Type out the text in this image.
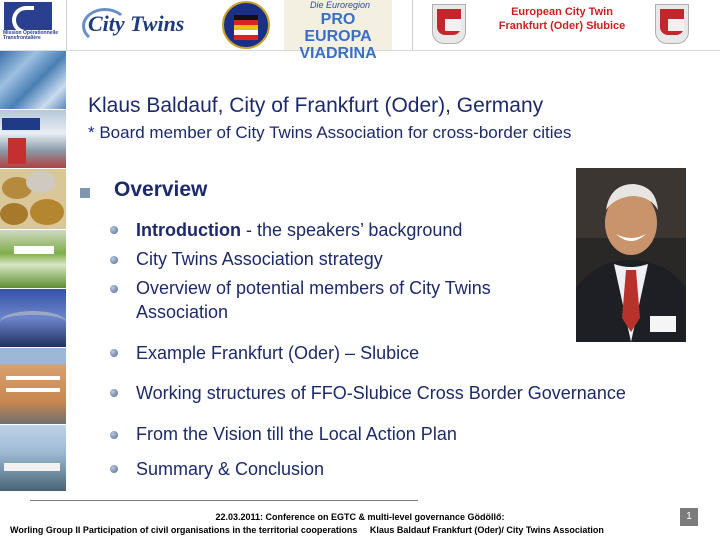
Mission Opérationnelle Transfrontalière
City Twins
Die Euroregion
PRO EUROPA VIADRINA
European City Twin
Frankfurt (Oder) Słubice
Klaus Baldauf, City of Frankfurt (Oder), Germany
* Board member of City Twins Association for cross-border cities
Overview
Introduction - the speakers’ background
City Twins Association strategy
Overview of potential members of City Twins Association
Example Frankfurt (Oder) – Slubice
Working structures of FFO-Slubice Cross Border Governance
From the Vision till the Local Action Plan
Summary & Conclusion
22.03.2011: Conference on EGTC & multi-level governance Gödöllő:
Worling Group II Participation of civil organisations in the territorial cooperations Klaus Baldauf Frankfurt (Oder)/ City Twins Association
1
